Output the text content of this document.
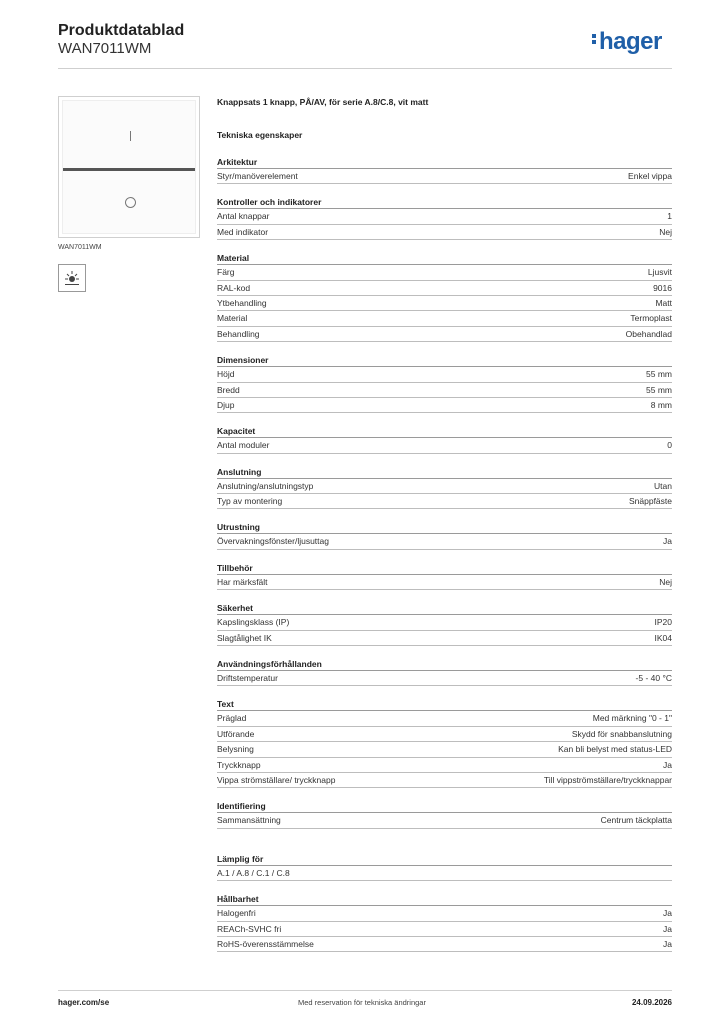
Produktdatablad
WAN7011WM	hager
WAN7011WM
Knappsats 1 knapp, PÅ/AV, för serie A.8/C.8, vit matt
Tekniska egenskaper
Arkitektur
Styr/manöverelement	Enkel vippa
Kontroller och indikatorer
Antal knappar	1
Med indikator	Nej
Material
Färg	Ljusvit
RAL-kod	9016
Ytbehandling	Matt
Material	Termoplast
Behandling	Obehandlad
Dimensioner
Höjd	55 mm
Bredd	55 mm
Djup	8 mm
Kapacitet
Antal moduler	0
Anslutning
Anslutning/anslutningstyp	Utan
Typ av montering	Snäppfäste
Utrustning
Övervakningsfönster/ljusuttag	Ja
Tillbehör
Har märksfält	Nej
Säkerhet
Kapslingsklass (IP)	IP20
Slagtålighet IK	IK04
Användningsförhållanden
Driftstemperatur	-5 - 40 °C
Text
Präglad	Med märkning "0 - 1"
Utförande	Skydd för snabbanslutning
Belysning	Kan bli belyst med status-LED
Tryckknapp	Ja
Vippa strömställare/ tryckknapp	Till vippströmställare/tryckknappar
Identifiering
Sammansättning	Centrum täckplatta
Lämplig för
A.1 / A.8 / C.1 / C.8
Hållbarhet
Halogenfri	Ja
REACh-SVHC fri	Ja
RoHS-överensstämmelse	Ja
hager.com/se	Med reservation för tekniska ändringar	24.09.2026
